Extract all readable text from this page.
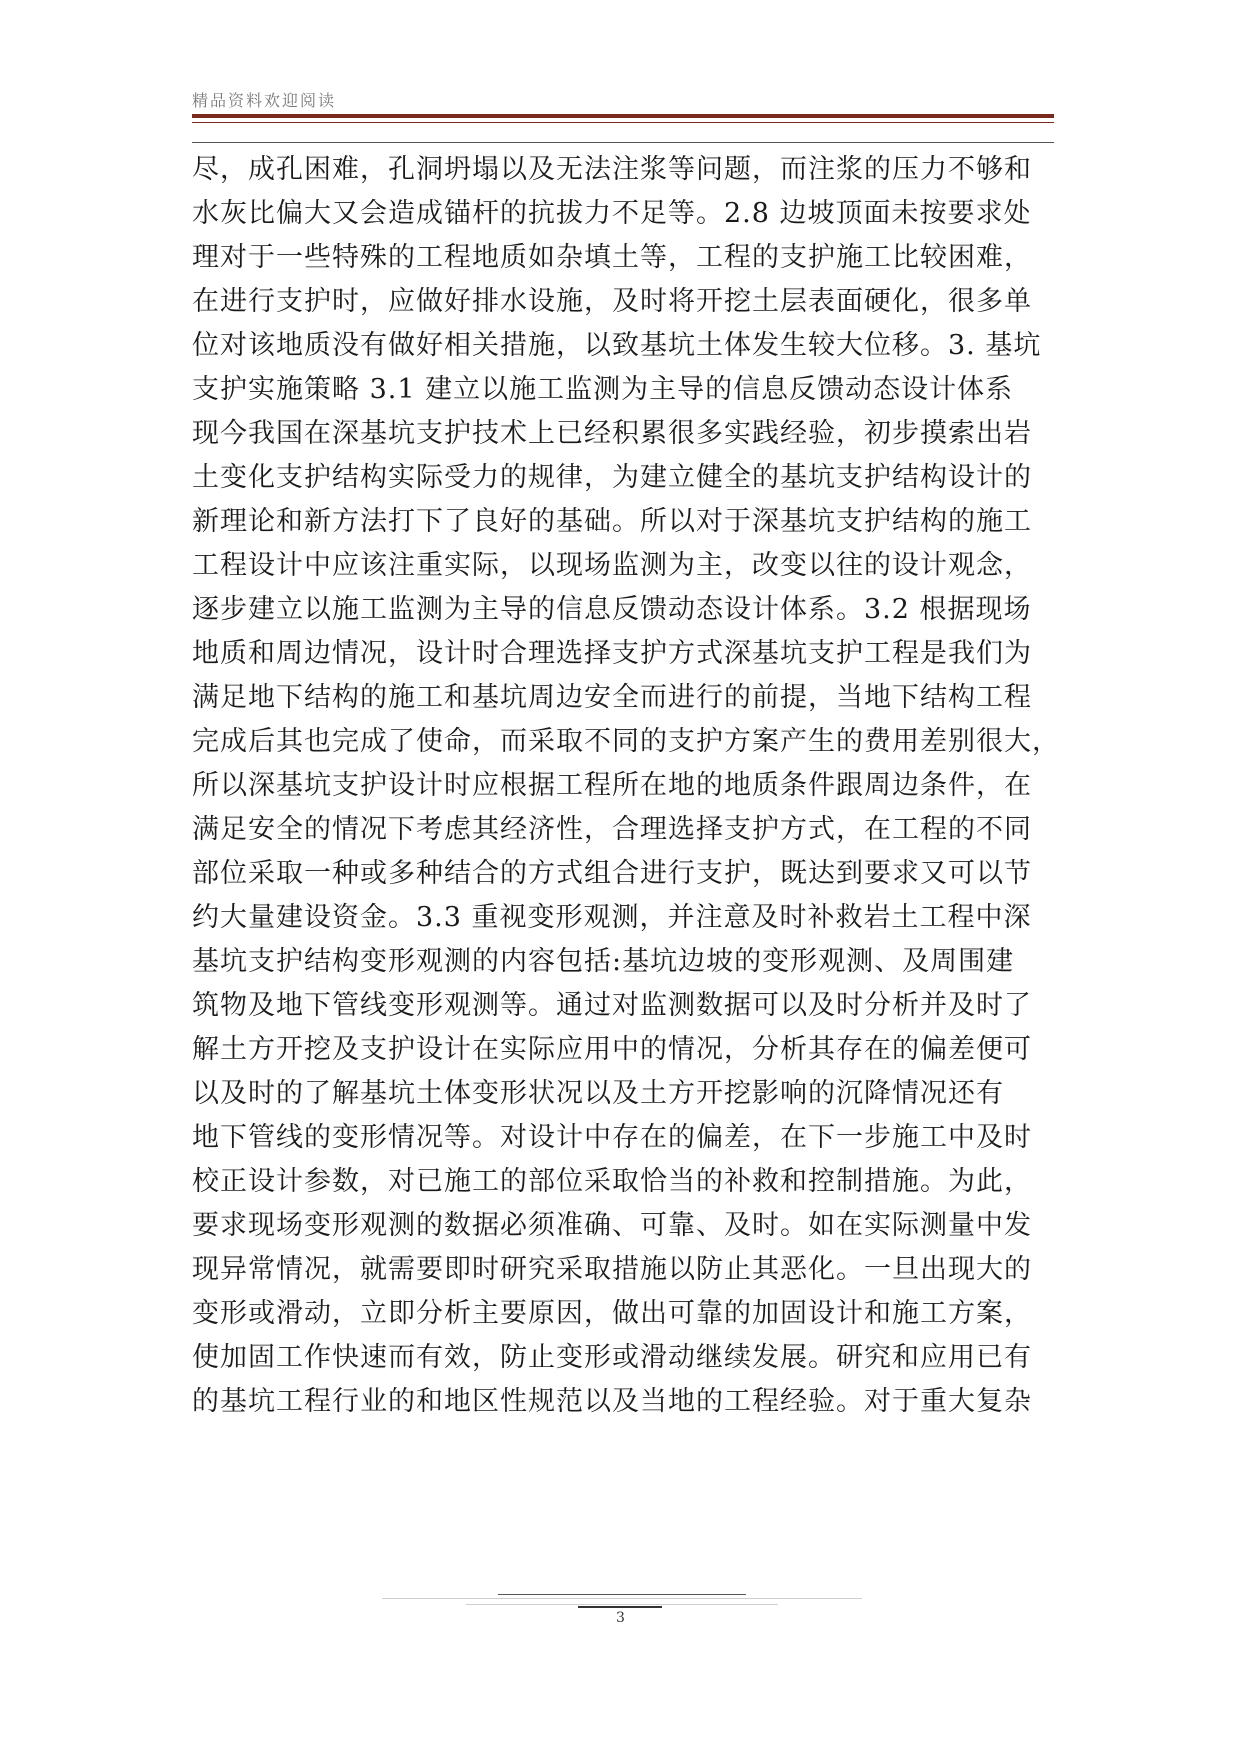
精品资料欢迎阅读
尽，成孔困难，孔洞坍塌以及无法注浆等问题，而注浆的压力不够和
水灰比偏大又会造成锚杆的抗拔力不足等。2.8 边坡顶面未按要求处
理对于一些特殊的工程地质如杂填土等，工程的支护施工比较困难，
在进行支护时，应做好排水设施，及时将开挖土层表面硬化，很多单
位对该地质没有做好相关措施，以致基坑土体发生较大位移。3. 基坑
支护实施策略 3.1 建立以施工监测为主导的信息反馈动态设计体系
现今我国在深基坑支护技术上已经积累很多实践经验，初步摸索出岩
土变化支护结构实际受力的规律，为建立健全的基坑支护结构设计的
新理论和新方法打下了良好的基础。所以对于深基坑支护结构的施工
工程设计中应该注重实际，以现场监测为主，改变以往的设计观念，
逐步建立以施工监测为主导的信息反馈动态设计体系。3.2 根据现场
地质和周边情况，设计时合理选择支护方式深基坑支护工程是我们为
满足地下结构的施工和基坑周边安全而进行的前提，当地下结构工程
完成后其也完成了使命，而采取不同的支护方案产生的费用差别很大，
所以深基坑支护设计时应根据工程所在地的地质条件跟周边条件，在
满足安全的情况下考虑其经济性，合理选择支护方式，在工程的不同
部位采取一种或多种结合的方式组合进行支护，既达到要求又可以节
约大量建设资金。3.3 重视变形观测，并注意及时补救岩土工程中深
基坑支护结构变形观测的内容包括:基坑边坡的变形观测、及周围建
筑物及地下管线变形观测等。通过对监测数据可以及时分析并及时了
解土方开挖及支护设计在实际应用中的情况，分析其存在的偏差便可
以及时的了解基坑土体变形状况以及土方开挖影响的沉降情况还有
地下管线的变形情况等。对设计中存在的偏差，在下一步施工中及时
校正设计参数，对已施工的部位采取恰当的补救和控制措施。为此，
要求现场变形观测的数据必须准确、可靠、及时。如在实际测量中发
现异常情况，就需要即时研究采取措施以防止其恶化。一旦出现大的
变形或滑动，立即分析主要原因，做出可靠的加固设计和施工方案，
使加固工作快速而有效，防止变形或滑动继续发展。研究和应用已有
的基坑工程行业的和地区性规范以及当地的工程经验。对于重大复杂
3
